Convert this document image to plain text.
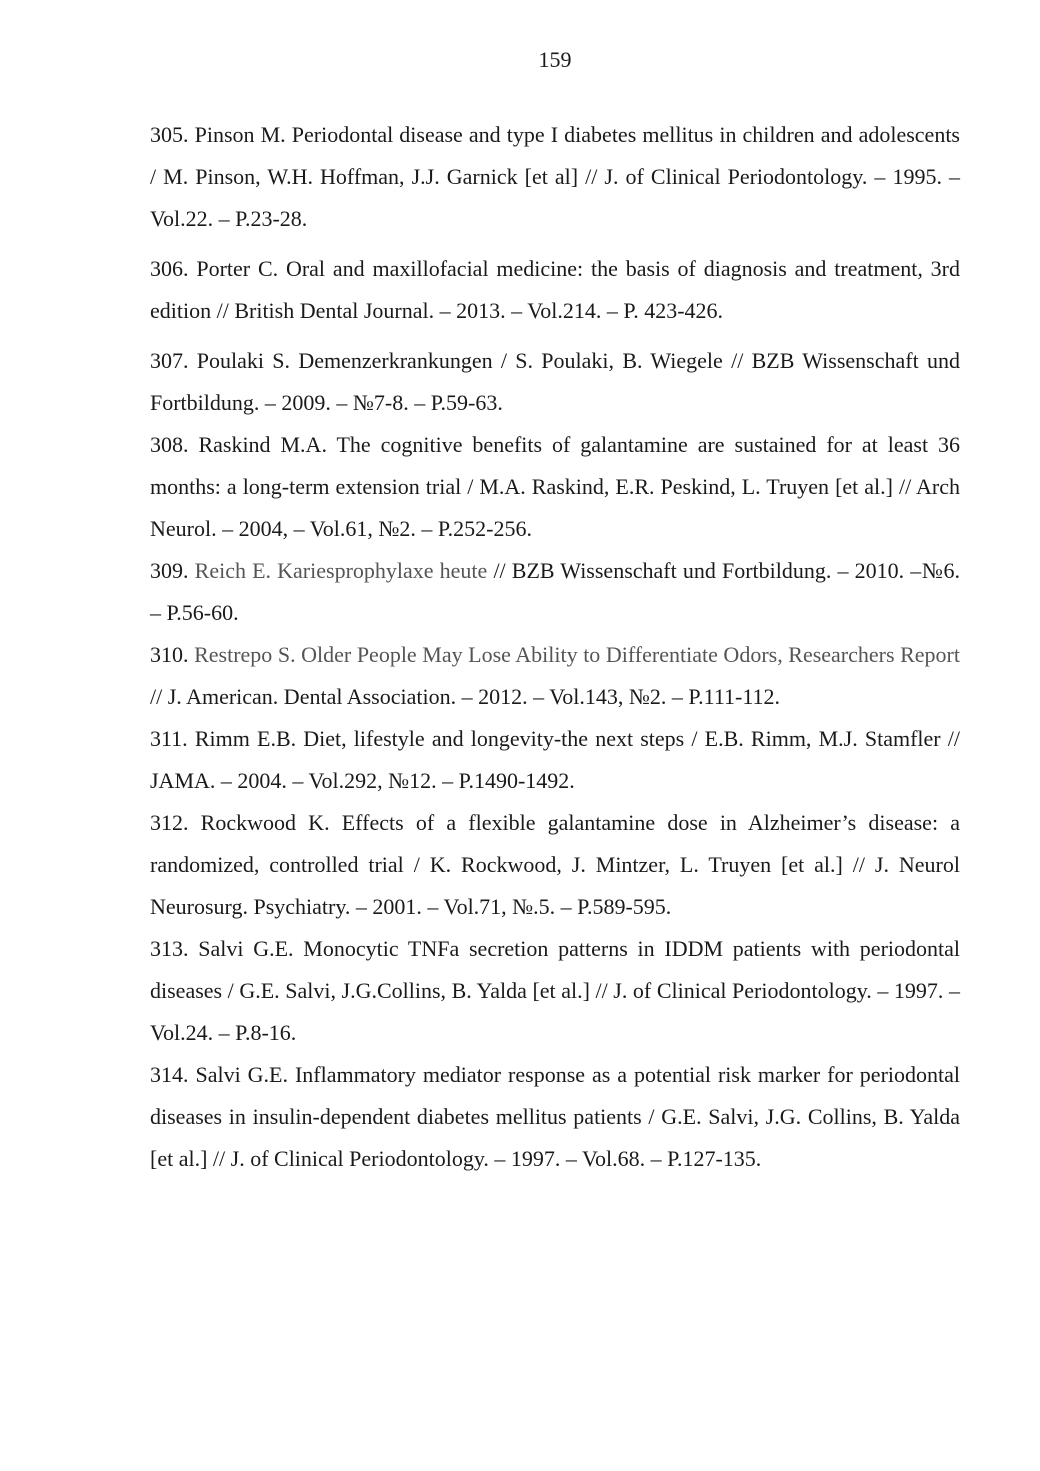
159

305. Pinson M. Periodontal disease and type I diabetes mellitus in children and adolescents / M. Pinson, W.H. Hoffman, J.J. Garnick [et al] // J. of Clinical Periodontology. – 1995. – Vol.22. – P.23-28.

306. Porter C. Oral and maxillofacial medicine: the basis of diagnosis and treatment, 3rd edition // British Dental Journal. – 2013. – Vol.214. – P. 423-426.

307. Poulaki S. Demenzerkrankungen / S. Poulaki, B. Wiegele // BZB Wissenschaft und Fortbildung. – 2009. – №7-8. – P.59-63.

308. Raskind M.A. The cognitive benefits of galantamine are sustained for at least 36 months: a long-term extension trial / M.A. Raskind, E.R. Peskind, L. Truyen [et al.] // Arch Neurol. – 2004, – Vol.61, №2. – P.252-256.

309. Reich E. Kariesprophylaxe heute // BZB Wissenschaft und Fortbildung. – 2010. –№6. – P.56-60.

310. Restrepo S. Older People May Lose Ability to Differentiate Odors, Researchers Report // J. American. Dental Association. – 2012. – Vol.143, №2. – P.111-112.

311. Rimm E.B. Diet, lifestyle and longevity-the next steps / E.B. Rimm, M.J. Stamfler // JAMA. – 2004. – Vol.292, №12. – P.1490-1492.

312. Rockwood K. Effects of a flexible galantamine dose in Alzheimer’s disease: a randomized, controlled trial / K. Rockwood, J. Mintzer, L. Truyen [et al.] // J. Neurol Neurosurg. Psychiatry. – 2001. – Vol.71, №.5. – P.589-595.

313. Salvi G.E. Monocytic TNFa secretion patterns in IDDM patients with periodontal diseases / G.E. Salvi, J.G.Collins, B. Yalda [et al.] // J. of Clinical Periodontology. – 1997. – Vol.24. – P.8-16.

314. Salvi G.E. Inflammatory mediator response as a potential risk marker for periodontal diseases in insulin-dependent diabetes mellitus patients / G.E. Salvi, J.G. Collins, B. Yalda [et al.] // J. of Clinical Periodontology. – 1997. – Vol.68. – P.127-135.
